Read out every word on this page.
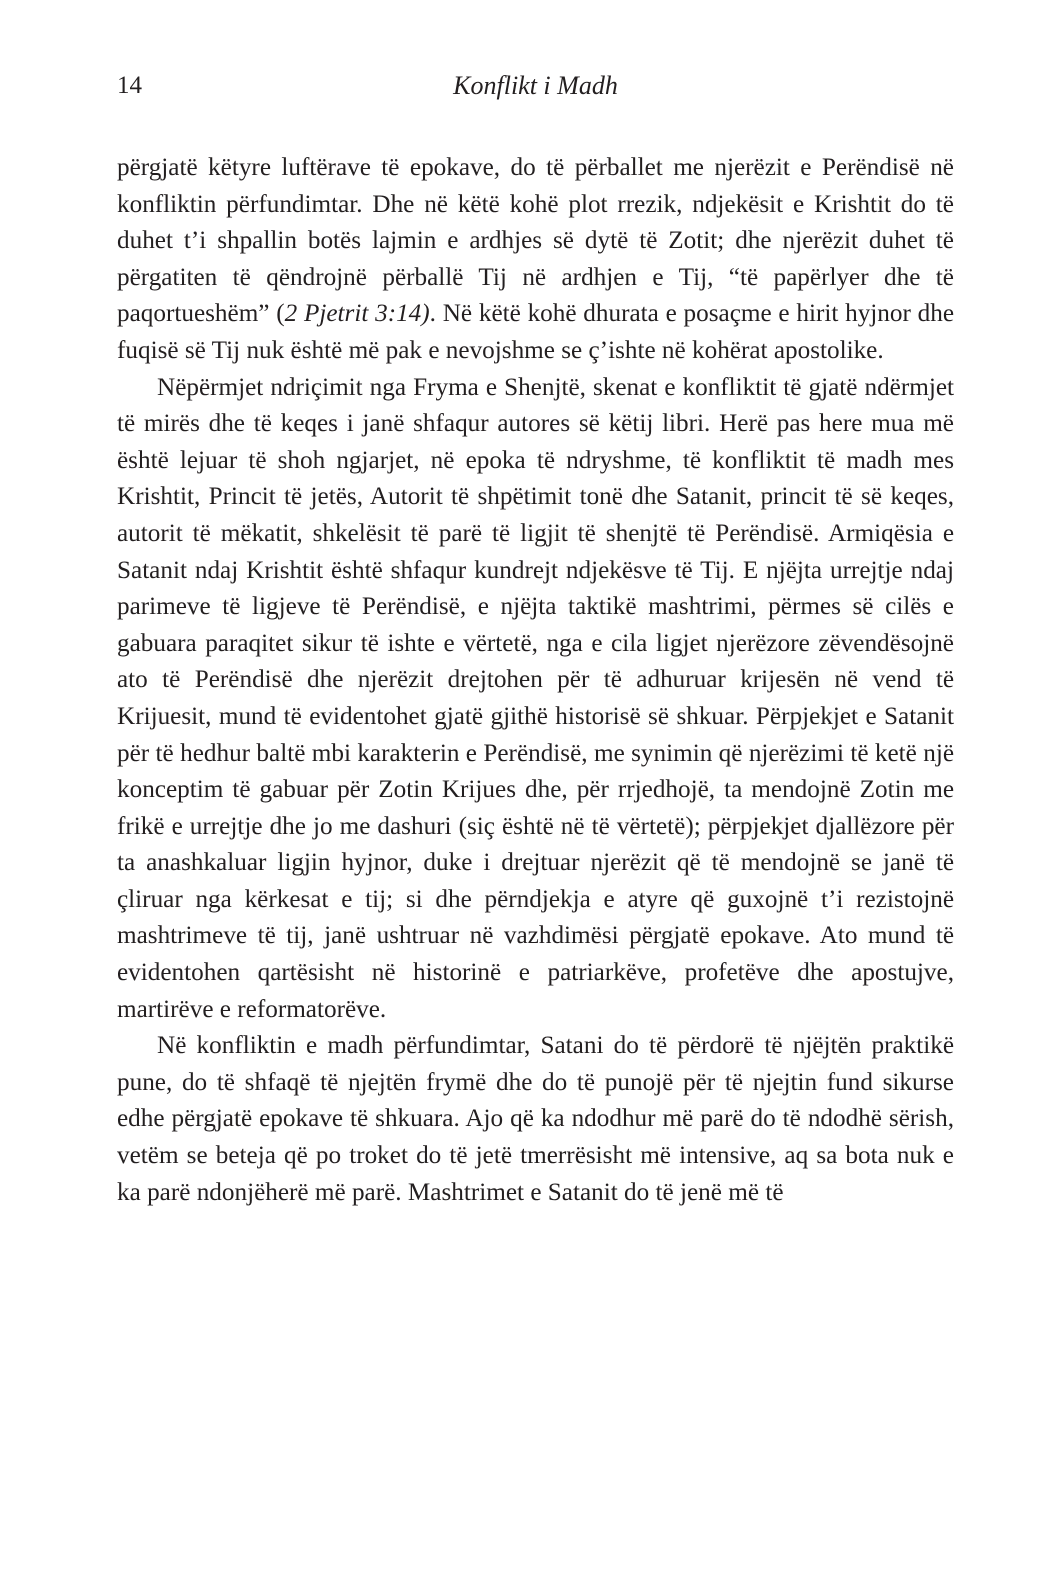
14	Konflikt i Madh

përgjatë këtyre luftërave të epokave, do të përballet me njerëzit e Perëndisë në konfliktin përfundimtar. Dhe në këtë kohë plot rrezik, ndjekësit e Krishtit do të duhet t’i shpallin botës lajmin e ardhjes së dytë të Zotit; dhe njerëzit duhet të përgatiten të qëndrojnë përballë Tij në ardhjen e Tij, “të papërlyer dhe të paqortueshëm” (2 Pjetrit 3:14). Në këtë kohë dhurata e posaçme e hirit hyjnor dhe fuqisë së Tij nuk është më pak e nevojshme se ç’ishte në kohërat apostolike.

Nëpërmjet ndriçimit nga Fryma e Shenjtë, skenat e konfliktit të gjatë ndërmjet të mirës dhe të keqes i janë shfaqur autores së këtij libri. Herë pas here mua më është lejuar të shoh ngjarjet, në epoka të ndryshme, të konfliktit të madh mes Krishtit, Princit të jetës, Autorit të shpëtimit tonë dhe Satanit, princit të së keqes, autorit të mëkatit, shkelësit të parë të ligjit të shenjtë të Perëndisë. Armiqësia e Satanit ndaj Krishtit është shfaqur kundrejt ndjekësve të Tij. E njëjta urrejtje ndaj parimeve të ligjeve të Perëndisë, e njëjta taktikë mashtrimi, përmes së cilës e gabuara paraqitet sikur të ishte e vërtetë, nga e cila ligjet njerëzore zëvendësojnë ato të Perëndisë dhe njerëzit drejtohen për të adhuruar krijesën në vend të Krijuesit, mund të evidentohet gjatë gjithë historisë së shkuar. Përpjekjet e Satanit për të hedhur baltë mbi karakterin e Perëndisë, me synimin që njerëzimi të ketë një konceptim të gabuar për Zotin Krijues dhe, për rrjedhojë, ta mendojnë Zotin me frikë e urrejtje dhe jo me dashuri (siç është në të vërtetë); përpjekjet djallëzore për ta anashkaluar ligjin hyjnor, duke i drejtuar njerëzit që të mendojnë se janë të çliruar nga kërkesat e tij; si dhe përndjekja e atyre që guxojnë t’i rezistojnë mashtrimeve të tij, janë ushtruar në vazhdimësi përgjatë epokave. Ato mund të evidentohen qartësisht në historinë e patriarkëve, profetëve dhe apostujve, martirëve e reformatorëve.

Në konfliktin e madh përfundimtar, Satani do të përdorë të njëjtën praktikë pune, do të shfaqë të njejtën frymë dhe do të punojë për të njejtin fund sikurse edhe përgjatë epokave të shkuara. Ajo që ka ndodhur më parë do të ndodhë sërish, vetëm se beteja që po troket do të jetë tmerrësisht më intensive, aq sa bota nuk e ka parë ndonjëherë më parë. Mashtrimet e Satanit do të jenë më të
